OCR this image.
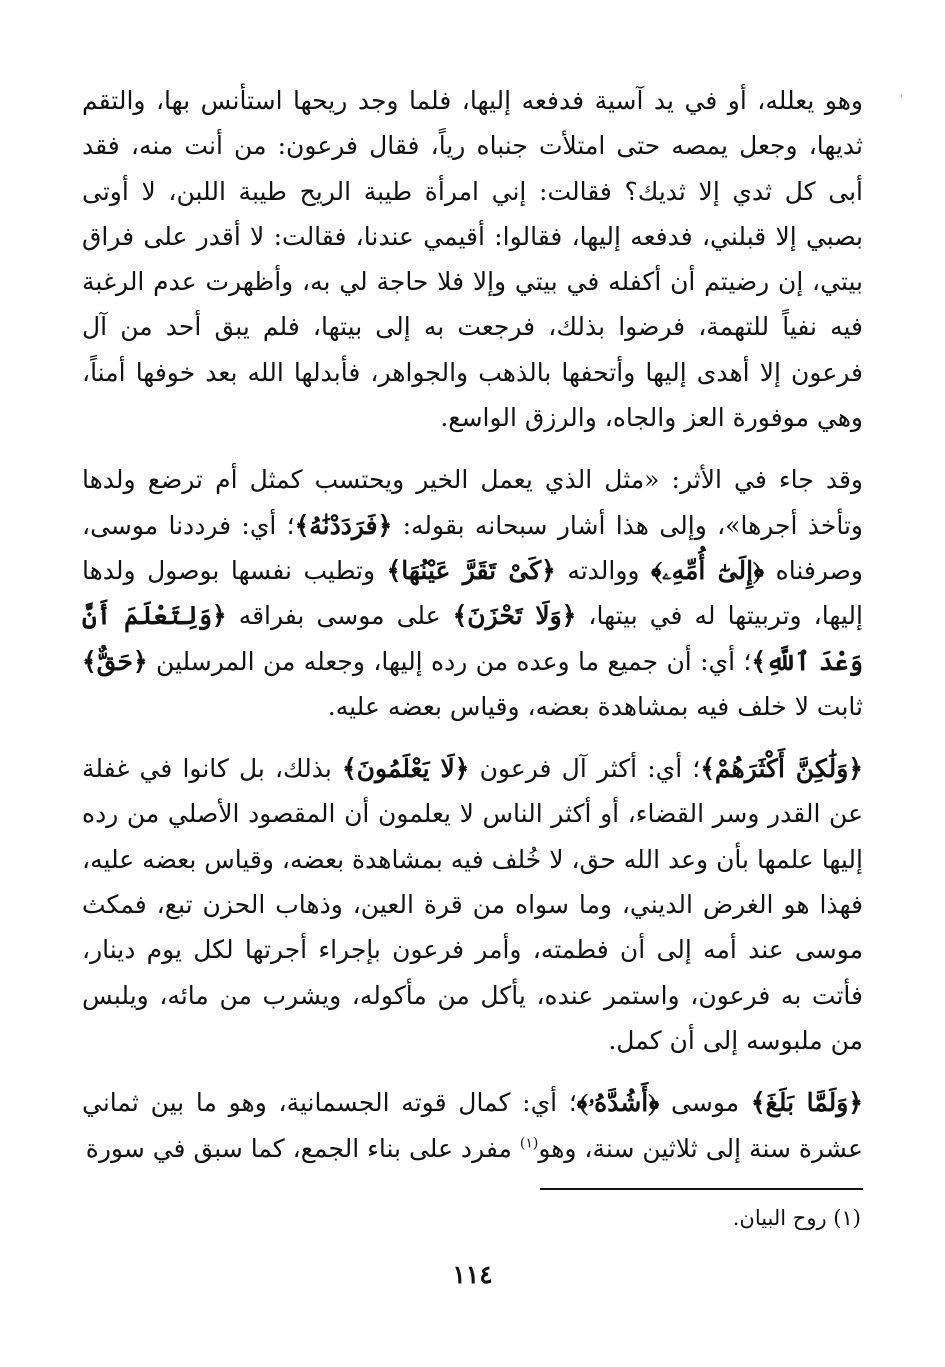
'

وهو يعلله، أو في يد آسية فدفعه إليها، فلما وجد ريحها استأنس بها، والتقم ثديها، وجعل يمصه حتى امتلأت جنباه رياً، فقال فرعون: من أنت منه، فقد أبى كل ثدي إلا ثديك؟ فقالت: إني امرأة طيبة الريح طيبة اللبن، لا أوتى بصبي إلا قبلني، فدفعه إليها، فقالوا: أقيمي عندنا، فقالت: لا أقدر على فراق بيتي، إن رضيتم أن أكفله في بيتي وإلا فلا حاجة لي به، وأظهرت عدم الرغبة فيه نفياً للتهمة، فرضوا بذلك، فرجعت به إلى بيتها، فلم يبق أحد من آل فرعون إلا أهدى إليها وأتحفها بالذهب والجواهر، فأبدلها الله بعد خوفها أمناً، وهي موفورة العز والجاه، والرزق الواسع.

وقد جاء في الأثر: «مثل الذي يعمل الخير ويحتسب كمثل أم ترضع ولدها وتأخذ أجرها»، وإلى هذا أشار سبحانه بقوله: ﴿فَرَدَدْنَٰهُ﴾؛ أي: فرددنا موسى، وصرفناه ﴿إِلَىٰٓ أُمِّهِۦ﴾ ووالدته ﴿كَىْ تَقَرَّ عَيْنُهَا﴾ وتطيب نفسها بوصول ولدها إليها، وتربيتها له في بيتها، ﴿وَلَا تَحْزَنَ﴾ على موسى بفراقه ﴿وَلِتَعْلَمَ أَنَّ وَعْدَ ٱللَّهِ﴾؛ أي: أن جميع ما وعده من رده إليها، وجعله من المرسلين ﴿حَقٌّ﴾ ثابت لا خلف فيه بمشاهدة بعضه، وقياس بعضه عليه.

﴿وَلَٰكِنَّ أَكْثَرَهُمْ﴾؛ أي: أكثر آل فرعون ﴿لَا يَعْلَمُونَ﴾ بذلك، بل كانوا في غفلة عن القدر وسر القضاء، أو أكثر الناس لا يعلمون أن المقصود الأصلي من رده إليها علمها بأن وعد الله حق، لا خُلف فيه بمشاهدة بعضه، وقياس بعضه عليه، فهذا هو الغرض الديني، وما سواه من قرة العين، وذهاب الحزن تبع، فمكث موسى عند أمه إلى أن فطمته، وأمر فرعون بإجراء أجرتها لكل يوم دينار، فأتت به فرعون، واستمر عنده، يأكل من مأكوله، ويشرب من مائه، ويلبس من ملبوسه إلى أن كمل.

﴿وَلَمَّا بَلَغَ﴾ موسى ﴿أَشُدَّهُۥ﴾؛ أي: كمال قوته الجسمانية، وهو ما بين ثماني عشرة سنة إلى ثلاثين سنة، وهو$^{(١)}$ مفرد على بناء الجمع، كما سبق في سورة

(١) روح البيان.
١١٤
